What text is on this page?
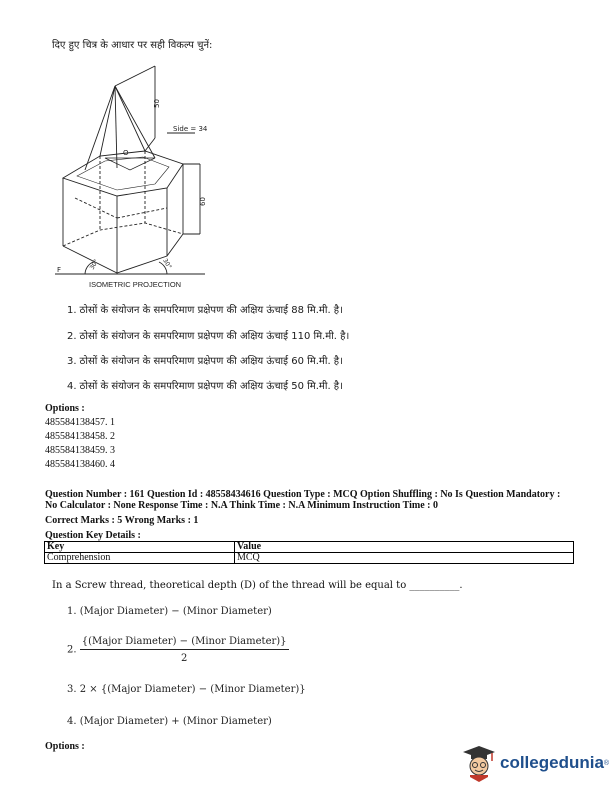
दिए हुए चित्र के आधार पर सही विकल्प चुनें:
50
Side = 34
O
60
F	30°	30°
ISOMETRIC PROJECTION
1. ठोसों के संयोजन के समपरिमाण प्रक्षेपण की अक्षिय ऊंचाई 88 मि.मी. है।
2. ठोसों के संयोजन के समपरिमाण प्रक्षेपण की अक्षिय ऊंचाई 110 मि.मी. है।
3. ठोसों के संयोजन के समपरिमाण प्रक्षेपण की अक्षिय ऊंचाई 60 मि.मी. है।
4. ठोसों के संयोजन के समपरिमाण प्रक्षेपण की अक्षिय ऊंचाई 50 मि.मी. है।
Options :
485584138457. 1
485584138458. 2
485584138459. 3
485584138460. 4
Question Number : 161 Question Id : 48558434616 Question Type : MCQ Option Shuffling : No Is Question Mandatory :
No Calculator : None Response Time : N.A Think Time : N.A Minimum Instruction Time : 0
Correct Marks : 5 Wrong Marks : 1
Question Key Details :
Key	Value
Comprehension	MCQ
In a Screw thread, theoretical depth (D) of the thread will be equal to __________.
1. (Major Diameter) − (Minor Diameter)
2. $\frac{\text{\{(Major Diameter) − (Minor Diameter)\}}}{2}$
3. 2 × {(Major Diameter) − (Minor Diameter)}
4. (Major Diameter) + (Minor Diameter)
Options :
collegedunia ®
